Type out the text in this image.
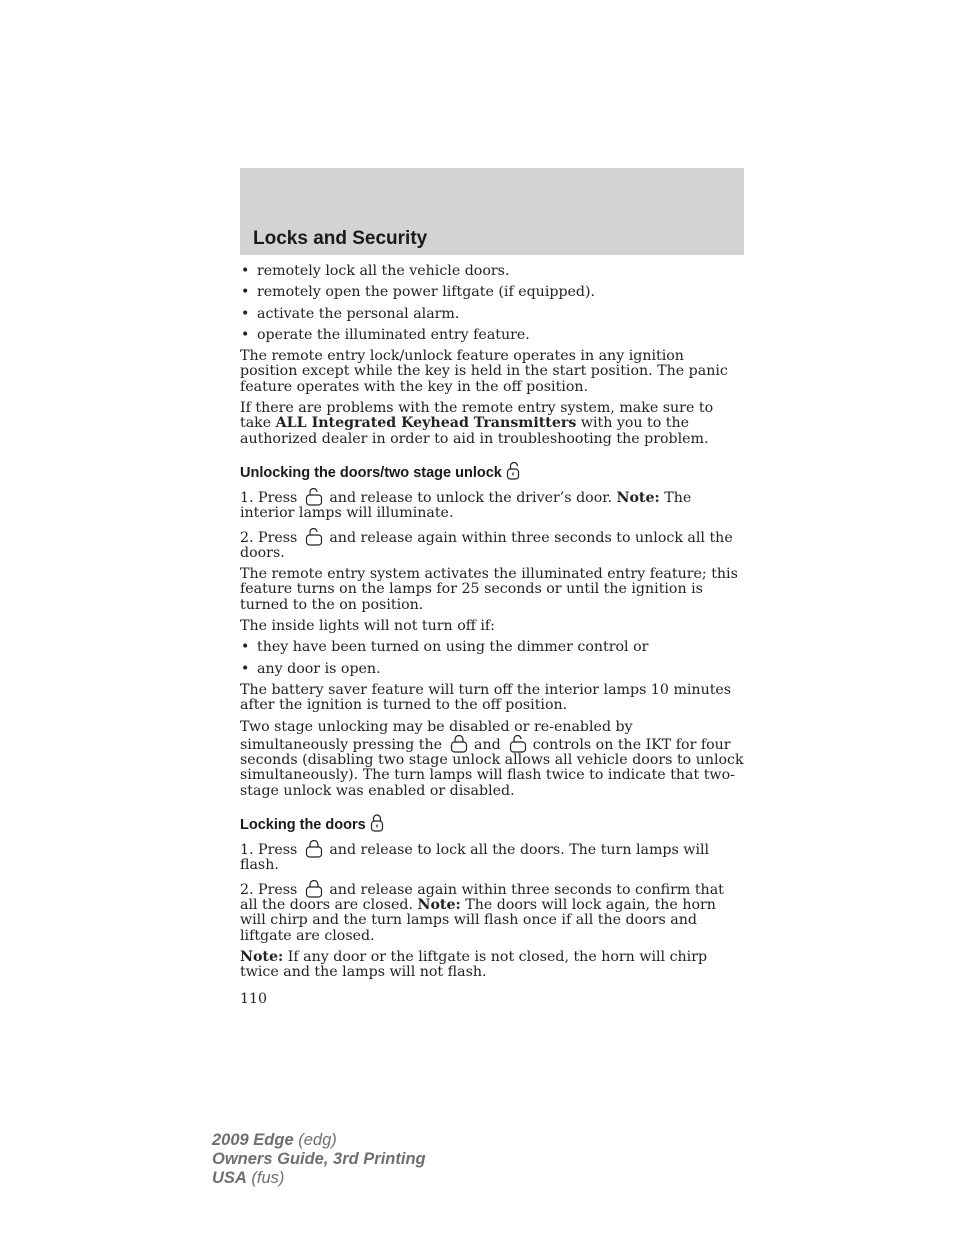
Locks and Security
• remotely lock all the vehicle doors.
• remotely open the power liftgate (if equipped).
• activate the personal alarm.
• operate the illuminated entry feature.

The remote entry lock/unlock feature operates in any ignition position except while the key is held in the start position. The panic feature operates with the key in the off position.

If there are problems with the remote entry system, make sure to take ALL Integrated Keyhead Transmitters with you to the authorized dealer in order to aid in troubleshooting the problem.

Unlocking the doors/two stage unlock

1. Press and release to unlock the driver’s door. Note: The interior lamps will illuminate.

2. Press and release again within three seconds to unlock all the doors.

The remote entry system activates the illuminated entry feature; this feature turns on the lamps for 25 seconds or until the ignition is turned to the on position.

The inside lights will not turn off if:

• they have been turned on using the dimmer control or
• any door is open.

The battery saver feature will turn off the interior lamps 10 minutes after the ignition is turned to the off position.

Two stage unlocking may be disabled or re-enabled by simultaneously pressing the and controls on the IKT for four seconds (disabling two stage unlock allows all vehicle doors to unlock simultaneously). The turn lamps will flash twice to indicate that two-stage unlock was enabled or disabled.

Locking the doors

1. Press and release to lock all the doors. The turn lamps will flash.

2. Press and release again within three seconds to confirm that all the doors are closed. Note: The doors will lock again, the horn will chirp and the turn lamps will flash once if all the doors and liftgate are closed.

Note: If any door or the liftgate is not closed, the horn will chirp twice and the lamps will not flash.

110
2009 Edge (edg)
Owners Guide, 3rd Printing
USA (fus)
